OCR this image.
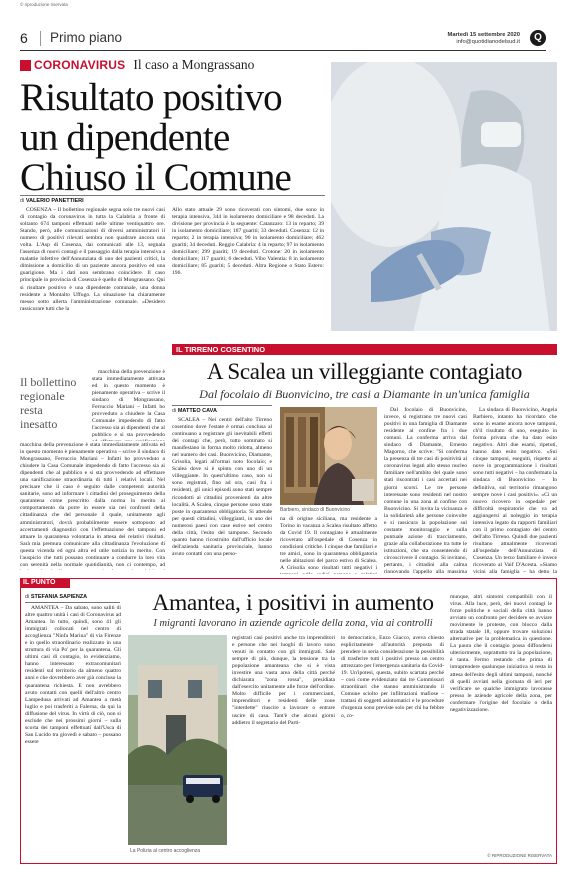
© riproduzione riservata
6 Primo piano	Martedì 15 settembre 2020
info@quotidianodelsud.it	Q
CORONAVIRUS Il caso a Mongrassano
Risultato positivo
un dipendente
Chiuso il Comune
di VALERIO PANETTIERI

COSENZA – Il bollettino regionale segna solo tre nuovi casi di contagio da coronavirus in tutta la Calabria a fronte di soltanto 674 tamponi effettuati nelle ultime ventiquattro ore. Stando, però, alle comunicazioni di diversi amministratori il numero di positivi rilevati sembra non quadrare ancora una volta. L'Asp di Cosenza, dai comunicati alle 13, segnala l'assenza di nuovi contagi e il passaggio dalla terapia intensiva a malattie infettive dell'Annunziata di uno dei pazienti critici, la dimissione a domicilio di un paziente ancora positivo ed una guarigione. Ma i dati non sembrano coincidere. Il caso principale in provincia di Cosenza è quello di Mongrassano. Qui si risultare positivo è una dipendente comunale, una donna residente a Montalto Uffugo. La situazione ha chiaramente messo sotto allerta l'amministrazione comunale. «Desidero rassicurare tutti che la

Il bollettino
regionale
resta
inesatto

macchina della prevenzione è stata immediatamente attivata ed in questo momento è pienamente operativa – scrive il sindaco di Mongrassano, Ferruccio Mariani – Infatti ho provveduto a chiudere la Casa Comunale impedendo di fatto l'accesso sia ai dipendenti che al pubblico e si sta provvedendo

macchina della prevenzione è stata immediatamente attivata ed in questo momento è pienamente operativa – scrive il sindaco di Mongrassano, Ferruccio Mariani – Infatti ho provveduto a chiudere la Casa Comunale impedendo di fatto l'accesso sia ai dipendenti che al pubblico e si sta provvedendo ad effettuare una sanificazione straordinaria di tutti i relativi locali. Nel precisare che il caso è seguito dalle competenti autorità sanitarie, sono ad informare i cittadini del proseguimento della quarantena come prescritto dalla norma in merito al comportamento da porre in essere sia nei confronti della cittadinanza che del personale il quale, unitamente agli amministratori, dovrà probabilmente essere sottoposto ad accertamenti diagnostici con l'effettuazione dei tamponi ed attuare la quarantena volontaria in attesa dei relativi risultati. Sarà mia premura comunicare alla cittadinanza l'evoluzione di questa vicenda ed ogni altra ed utile notizia in merito. Con l'auspicio che tutti possano continuare a condurre la loro vita con serenità nella normale quotidianità, non ci contempo, ad

Allo stato attuale 29 sono ricoverati con sintomi, due sono in terapia intensiva, 344 in isolamento domiciliare e 98 deceduti. La divisione per provincia è la seguente: Catanzaro: 13 in reparto; 39 in isolamento domiciliare; 187 guariti; 33 deceduti. Cosenza: 12 in reparto; 2 in terapia intensiva; 90 in isolamento domiciliare; 462 guariti; 34 deceduti. Reggio Calabria: 4 in reparto; 97 in isolamento domiciliare; 299 guariti; 19 deceduti. Crotone: 20 in isolamento domiciliare; 117 guariti; 6 deceduti. Vibo Valentia: 8 in isolamento domiciliare; 85 guariti; 5 deceduti. Altra Regione o Stato Estero: 196.

IL TIRRENO COSENTINO
A Scalea un villeggiante contagiato
Dal focolaio di Buonvicino, tre casi a Diamante in un'unica famiglia
di MATTEO CAVA

SCALEA – Nei centri dell'alto Tirreno cosentino dove l'estate è ormai conclusa al continuano a registrare gli inevitabili effetti dei contagi che, però, tutto sommato si manifestano in forma molto ridotta, almeno nel numero dei casi. Buonvicino, Diamante, Grisolia, legati all'ormai noto focolaio; e Scalea dove si è spinto con uno di un villeggiante. In quest'ultimo caso, non si sono registrati, fino ad ora, casi fra i residenti, gli unici episodi sono stati sempre ricondotti ai cittadini provenienti da altre località. A Scalea, cinque persone sono state poste in quarantena obbligatoria. Si attende per questi cittadini, villeggianti, in uno dei numerosi paesi con case estive nel centro della città, l'esito del tampone. Secondo quanto hanno ricostruito dall'ufficio locale dell'azienda sanitaria provinciale, hanno avuto contatti con una perso-

Barbiero, sindaco di Buonvicino

na di origine siciliana, ma residente a Torino in vacanza a Scalea risultato affetto da Covid 19. Il contagiato è attualmente ricoverato all'ospedale di Cosenza in condizioni critiche. I cinque due familiari e tre amici, sono in quarantena obbligatoria nelle abitazioni del parco estivo di Scalea. A Grisolia sono risultati tutti negativi i

Dal focolaio di Buonvicino, invece, si registrano tre nuovi casi positivi in una famiglia di Diamante residente al confine fra i due comuni. La conferma arriva dal sindaco di Diamante, Ernesto Magorno, che scrive: "Si conferma la presenza di tre casi di positività al coronavirus legati allo stesso nucleo familiare nell'ambito del quale sono stati riscontrati i casi accertati nei giorni scorsi. Le tre persone interessate sono residenti nel nostro comune in una zona al confine con Buonvicino. Si invita la vicinanza e la solidarietà alle persone coinvolte e si rassicura la popolazione sul costante monitoraggio e sulla puntuale azione di tracciamento, grazie alla collaborazione tra tutte le istituzioni, che sta consentendo di circoscrivere il contagio. Si invitano, pertanto, i cittadini alla calma rinnovando l'appello alla massima

La sindaca di Buonvicino, Angela Barbiero, intanto ha ricordato che sono in esame ancora nove tamponi, ch'il risultato di uno, eseguito in forma privata che ha dato esito negativo. Altri due esami, ripetuti, hanno dato esito negativo. «Sui cinque tamponi, eseguiti, rispetto ai nove in programmazione i risultati sono tutti negativi – ha confermato la sindaca di Buonvicino – In definitiva, sul territorio rimangono sempre nove i casi positivi». «Ci un nuovo ricovero in ospedale per difficoltà respiratorie che va ad aggiungersi al noleggio in terapia intensiva legato da rapporti familiari con il primo contagiato del centro dell'alto Tirreno. Quindi due pazienti risultano attualmente ricoverati all'ospedale dell'Annunziata di Cosenza. Un terzo familiare è invece ricoverato al Vaif D'Acesta. «Siamo vicini alla famiglia – ha detto la

IL PUNTO
di STEFANIA SAPIENZA

AMANTEA – Da sabato, sono saliti di altre quattro unità i casi di Coronavirus ad Amantea. In tutto, quindi, sono 41 gli immigrati collocati nel centro di accoglienza "Ninfa Marina" di via Firenze e in quello straordinario realizzato in una struttura di via Po' per la quarantena. Gli ultimi casi di contagio, lo evidenziamo, hanno interessato extracomunitari residenti sul territorio da almeno quattro anni e che dovrebbero aver già concluso la quarantena richiesta. E non avrebbero avuto contatti con quelli dell'altro centro Lampedusa arrivati ad Amantea a metà luglio e poi trasferiti a Falerna, da qui la diffusione del virus. In virtù di ciò, non si esclude che nei prossimi giorni – sulla scorta dei tamponi effettuati dall'Usca di San Lucido tra giovedì e sabato – possano essere

Amantea, i positivi in aumento
I migranti lavorano in aziende agricole della zona, via ai controlli
La Polizia al centro accoglienza

registrati casi positivi anche tra imprenditori e persone che nei luoghi di lavoro sono venuti in contatto con gli immigrati. Sale sempre di più, dunque, la tensione tra la popolazione amanteana che si è vista investire una vasta area della città perché dichiarata "zona rossa", presidiata dall'esercito unitamente alle forze dell'ordine. Molto difficile per i commercianti, imprenditori e residenti delle zone "interdette" riuscire a lavorare o entrare uscire di casa. Tant'è che alcuni giorni addietro il segretario del Parti-

to democratico, Enzo Giacco, aveva chiesto esplicitamente all'autorità preposta di prendere in seria considerazione la possibilità di trasferire tutti i positivi presso un centro attrezzato per l'emergenza sanitaria da Covid-19. Un'ipotesi, questa, subito scartata perché – così come evidenziato dai tre Commissari straordinari che stanno amministrando il Comune sciolto per infiltrazioni mafiose – trattasi di soggetti asintomatici e le procedure d'urgenza sono previste solo per chi ha febbre o, co-

munque, altri sintomi compatibili con il virus. Alla luce, però, dei nuovi contagi le forze politiche e sociali della città hanno avviato un confronto per decidere se avviare movimente le proteste, con blocco dalla strada statale 18, oppure trovare soluzioni alternative per la problematica in questione. La paura che il contagio possa diffondersi ulteriormente, soprattutto tra la popolazione, è tanta. Fermo restando che prima di intraprendere qualunque iniziativa si resta in attesa dell'esito degli ultimi tamponi, nonché di quelli avviati nella giornata di ieri per verificare se qualche immigrato lavorasse presso le aziende agricole della zona, per confermare l'origine del focolaio o della negativizzazione.

© RIPRODUZIONE RISERVATA
